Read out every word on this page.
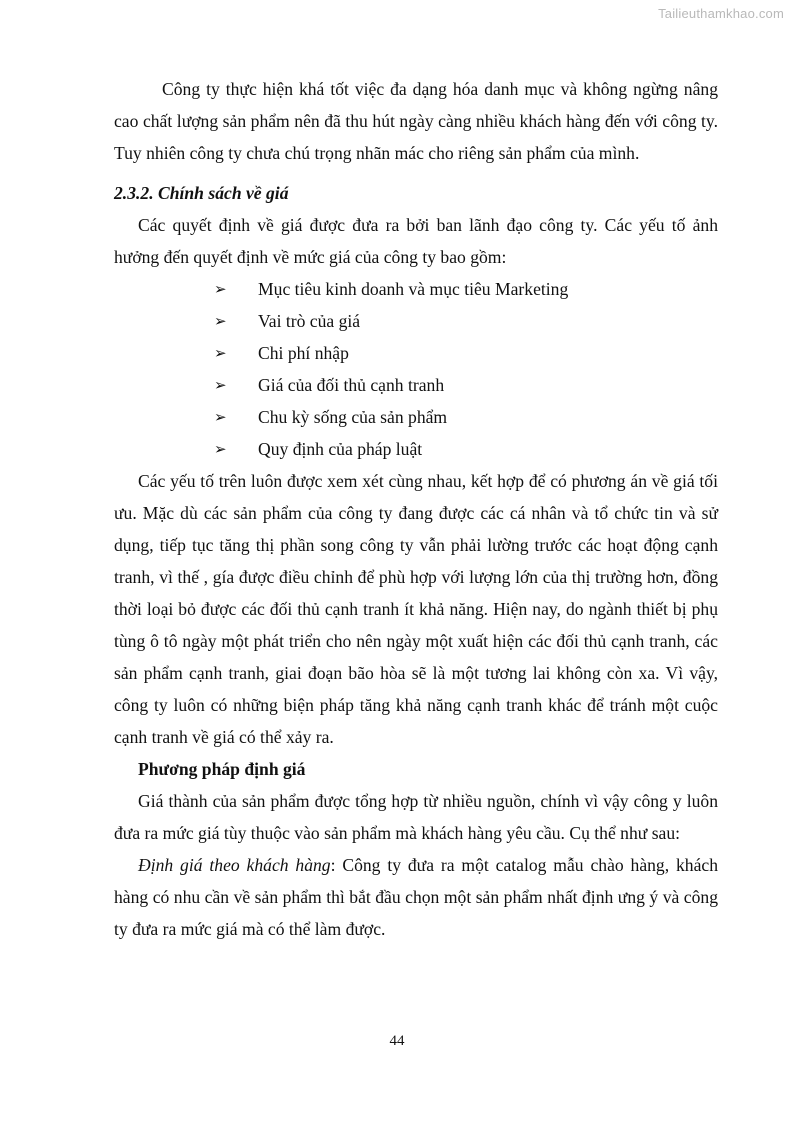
Tailieuthamkhao.com

Công ty thực hiện khá tốt việc đa dạng hóa danh mục và không ngừng nâng cao chất lượng sản phẩm nên đã thu hút ngày càng nhiều khách hàng đến với công ty. Tuy nhiên công ty chưa chú trọng nhãn mác cho riêng sản phẩm của mình.

2.3.2. Chính sách về giá

Các quyết định về giá được đưa ra bởi ban lãnh đạo công ty. Các yếu tố ảnh hưởng đến quyết định về mức giá của công ty bao gồm:

➢	Mục tiêu kinh doanh và mục tiêu Marketing
➢	Vai trò của giá
➢	Chi phí nhập
➢	Giá của đối thủ cạnh tranh
➢	Chu kỳ sống của sản phẩm
➢	Quy định của pháp luật

Các yếu tố trên luôn được xem xét cùng nhau, kết hợp để có phương án về giá tối ưu. Mặc dù các sản phẩm của công ty đang được các cá nhân và tổ chức tin và sử dụng, tiếp tục tăng thị phần song công ty vẫn phải lường trước các hoạt động cạnh tranh, vì thế , gía được điều chỉnh để phù hợp với lượng lớn của thị trường hơn, đồng thời loại bỏ được các đối thủ cạnh tranh ít khả năng. Hiện nay, do ngành thiết bị phụ tùng ô tô ngày một phát triển cho nên ngày một xuất hiện các đối thủ cạnh tranh, các sản phẩm cạnh tranh, giai đoạn bão hòa sẽ là một tương lai không còn xa. Vì vậy, công ty luôn có những biện pháp tăng khả năng cạnh tranh khác để tránh một cuộc cạnh tranh về giá có thể xảy ra.

Phương pháp định giá

Giá thành của sản phẩm được tổng hợp từ nhiều nguồn, chính vì vậy công y luôn đưa ra mức giá tùy thuộc vào sản phẩm mà khách hàng yêu cầu. Cụ thể như sau:

Định giá theo khách hàng: Công ty đưa ra một catalog mẫu chào hàng, khách hàng có nhu cần về sản phẩm thì bắt đầu chọn một sản phẩm nhất định ưng ý và công ty đưa ra mức giá mà có thể làm được.

44
